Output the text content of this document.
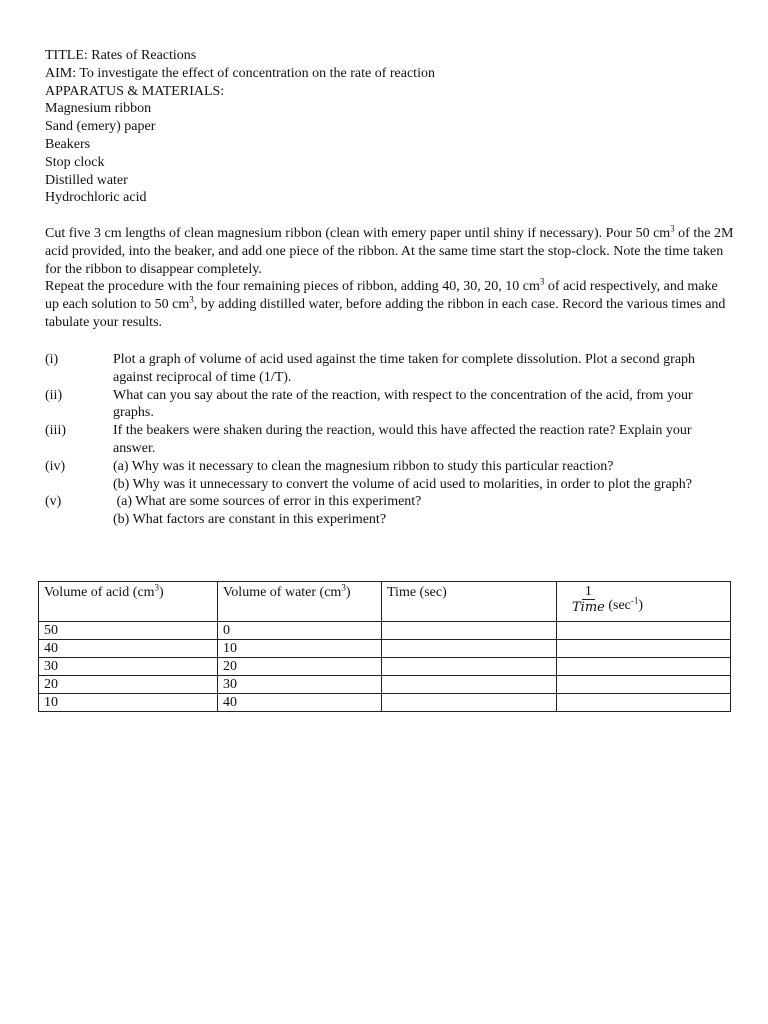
TITLE: Rates of Reactions
AIM: To investigate the effect of concentration on the rate of reaction
APPARATUS & MATERIALS:
Magnesium ribbon
Sand (emery) paper
Beakers
Stop clock
Distilled water
Hydrochloric acid

Cut five 3 cm lengths of clean magnesium ribbon (clean with emery paper until shiny if necessary). Pour 50 $cm^3$ of the 2M acid provided, into the beaker, and add one piece of the ribbon. At the same time start the stop-clock. Note the time taken for the ribbon to disappear completely.

Repeat the procedure with the four remaining pieces of ribbon, adding 40, 30, 20, 10 $cm^3$ of acid respectively, and make up each solution to 50 $cm^3$, by adding distilled water, before adding the ribbon in each case. Record the various times and tabulate your results.

(i)	Plot a graph of volume of acid used against the time taken for complete dissolution. Plot a second graph against reciprocal of time (1/T).
(ii)	What can you say about the rate of the reaction, with respect to the concentration of the acid, from your graphs.
(iii)	If the beakers were shaken during the reaction, would this have affected the reaction rate? Explain your answer.
(iv)	(a) Why was it necessary to clean the magnesium ribbon to study this particular reaction?
(b) Why was it unnecessary to convert the volume of acid used to molarities, in order to plot the graph?
(v)	(a) What are some sources of error in this experiment?
(b) What factors are constant in this experiment?
Volume of acid $(cm^3)$	Volume of water $(cm^3)$	Time (sec)	$\frac{1}{\text{Time}} (\sec^{-1})$
50	0		
40	10		
30	20		
20	30		
10	40		
